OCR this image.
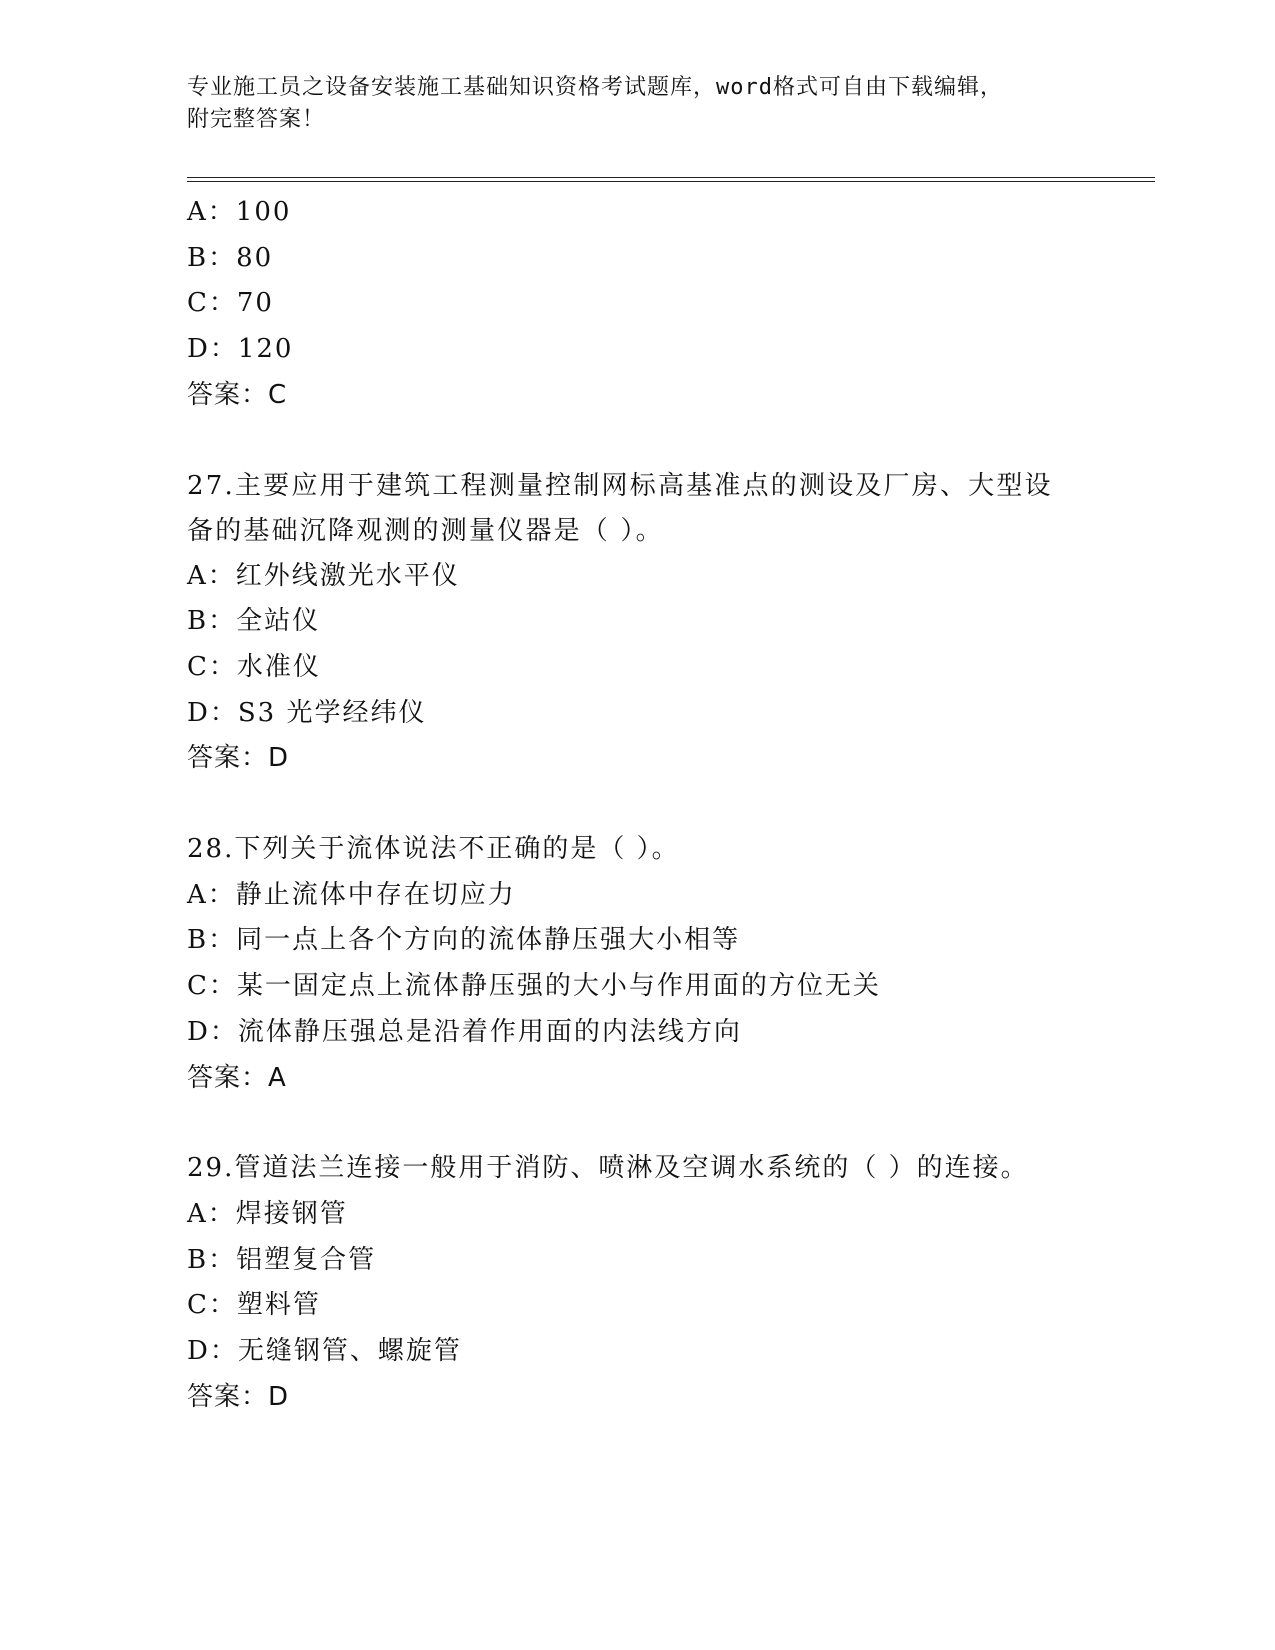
专业施工员之设备安装施工基础知识资格考试题库，word格式可自由下载编辑，
附完整答案！
A：100
B：80
C：70
D：120
答案：C
27.主要应用于建筑工程测量控制网标高基准点的测设及厂房、大型设备的基础沉降观测的测量仪器是（ ）。
A：红外线激光水平仪
B：全站仪
C：水准仪
D：S3 光学经纬仪
答案：D
28.下列关于流体说法不正确的是（ ）。
A：静止流体中存在切应力
B：同一点上各个方向的流体静压强大小相等
C：某一固定点上流体静压强的大小与作用面的方位无关
D：流体静压强总是沿着作用面的内法线方向
答案：A
29.管道法兰连接一般用于消防、喷淋及空调水系统的（ ）的连接。
A：焊接钢管
B：铝塑复合管
C：塑料管
D：无缝钢管、螺旋管
答案：D
